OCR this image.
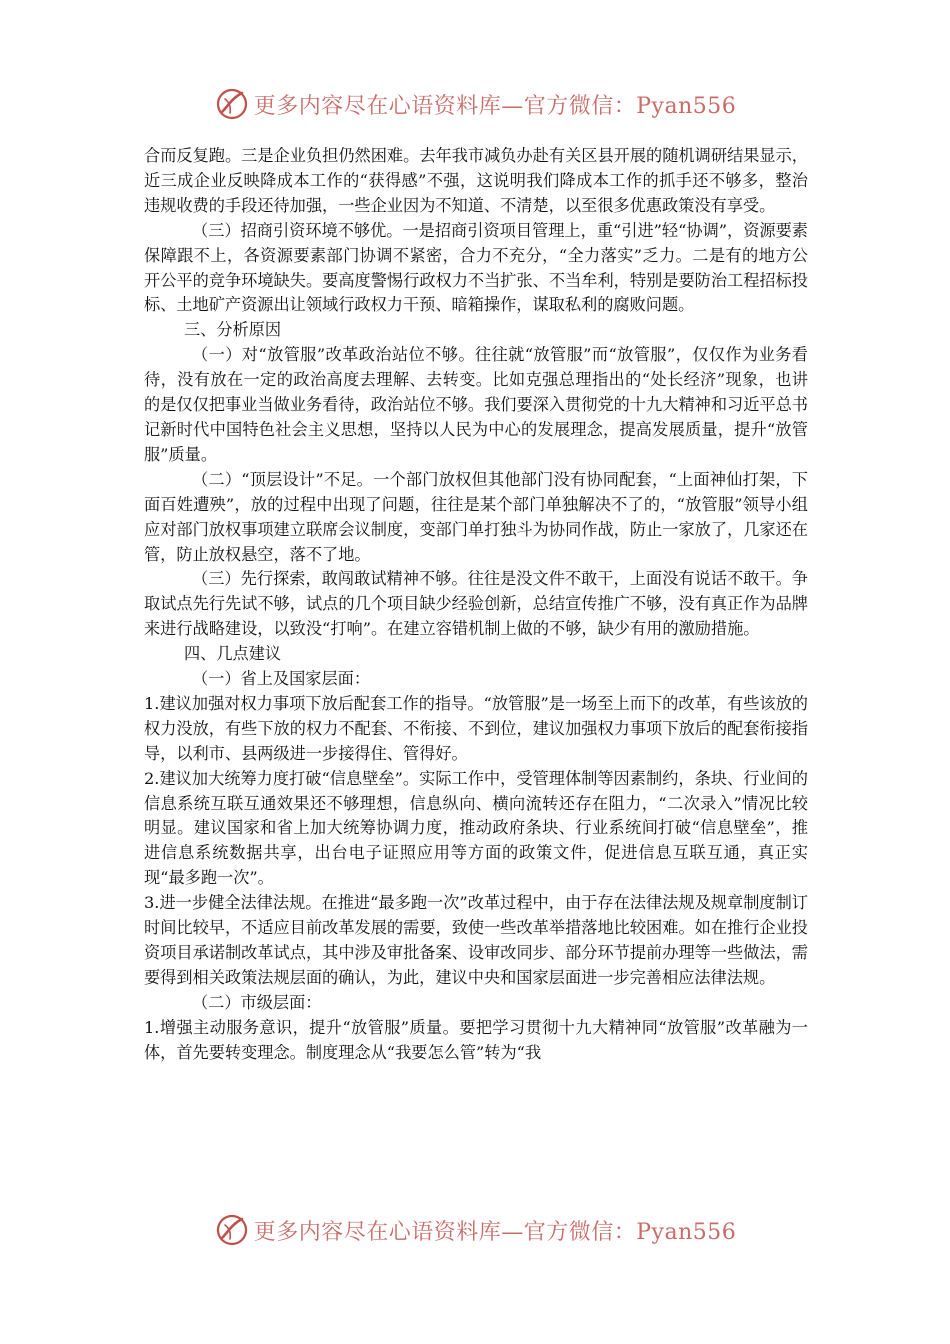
更多内容尽在心语资料库—官方微信：Pyan556

合而反复跑。三是企业负担仍然困难。去年我市减负办赴有关区县开展的随机调研结果显示，近三成企业反映降成本工作的“获得感”不强，这说明我们降成本工作的抓手还不够多，整治违规收费的手段还待加强，一些企业因为不知道、不清楚，以至很多优惠政策没有享受。

（三）招商引资环境不够优。一是招商引资项目管理上，重“引进”轻“协调”，资源要素保障跟不上，各资源要素部门协调不紧密，合力不充分，“全力落实”乏力。二是有的地方公开公平的竞争环境缺失。要高度警惕行政权力不当扩张、不当牟利，特别是要防治工程招标投标、土地矿产资源出让领域行政权力干预、暗箱操作，谋取私利的腐败问题。

三、分析原因

（一）对“放管服”改革政治站位不够。往往就“放管服”而“放管服”，仅仅作为业务看待，没有放在一定的政治高度去理解、去转变。比如克强总理指出的“处长经济”现象，也讲的是仅仅把事业当做业务看待，政治站位不够。我们要深入贯彻党的十九大精神和习近平总书记新时代中国特色社会主义思想，坚持以人民为中心的发展理念，提高发展质量，提升“放管服”质量。

（二）“顶层设计”不足。一个部门放权但其他部门没有协同配套，“上面神仙打架，下面百姓遭殃”，放的过程中出现了问题，往往是某个部门单独解决不了的，“放管服”领导小组应对部门放权事项建立联席会议制度，变部门单打独斗为协同作战，防止一家放了，几家还在管，防止放权悬空，落不了地。

（三）先行探索，敢闯敢试精神不够。往往是没文件不敢干，上面没有说话不敢干。争取试点先行先试不够，试点的几个项目缺少经验创新，总结宣传推广不够，没有真正作为品牌来进行战略建设，以致没“打响”。在建立容错机制上做的不够，缺少有用的激励措施。

四、几点建议

（一）省上及国家层面：

1.建议加强对权力事项下放后配套工作的指导。“放管服”是一场至上而下的改革，有些该放的权力没放，有些下放的权力不配套、不衔接、不到位，建议加强权力事项下放后的配套衔接指导，以利市、县两级进一步接得住、管得好。

2.建议加大统筹力度打破“信息壁垒”。实际工作中，受管理体制等因素制约，条块、行业间的信息系统互联互通效果还不够理想，信息纵向、横向流转还存在阻力，“二次录入”情况比较明显。建议国家和省上加大统筹协调力度，推动政府条块、行业系统间打破“信息壁垒”，推进信息系统数据共享，出台电子证照应用等方面的政策文件，促进信息互联互通，真正实现“最多跑一次”。

3.进一步健全法律法规。在推进“最多跑一次”改革过程中，由于存在法律法规及规章制度制订时间比较早，不适应目前改革发展的需要，致使一些改革举措落地比较困难。如在推行企业投资项目承诺制改革试点，其中涉及审批备案、设审改同步、部分环节提前办理等一些做法，需要得到相关政策法规层面的确认，为此，建议中央和国家层面进一步完善相应法律法规。

（二）市级层面：

1.增强主动服务意识，提升“放管服”质量。要把学习贯彻十九大精神同“放管服”改革融为一体，首先要转变理念。制度理念从“我要怎么管”转为“我

更多内容尽在心语资料库—官方微信：Pyan556
